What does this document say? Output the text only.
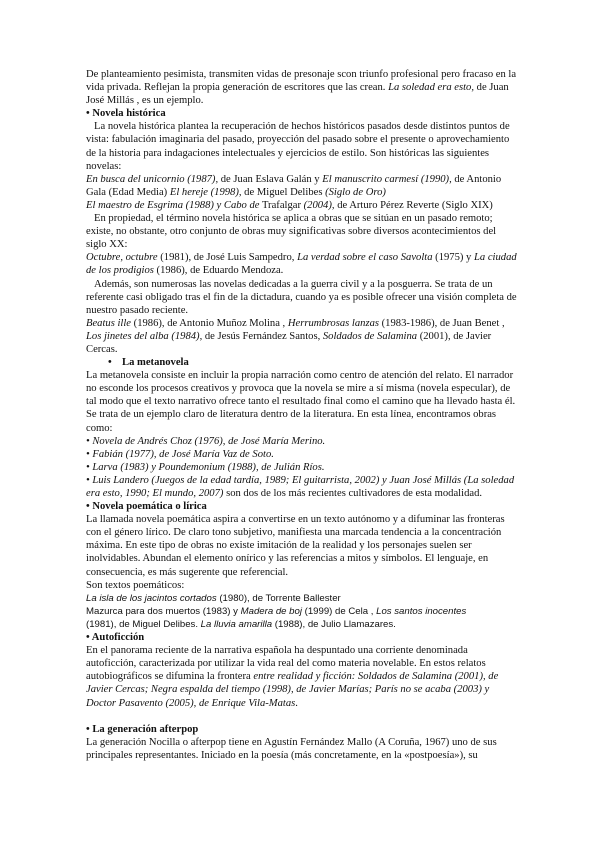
De planteamiento pesimista, transmiten vidas de presonaje scon triunfo profesional pero fracaso en la vida privada. Reflejan la propia generación de escritores que las crean. La soledad era esto, de Juan José Millás , es un ejemplo.

• Novela histórica

La novela histórica plantea la recuperación de hechos históricos pasados desde distintos puntos de vista: fabulación imaginaria del pasado, proyección del pasado sobre el presente o aprovechamiento de la historia para indagaciones intelectuales y ejercicios de estilo. Son históricas las siguientes novelas:

En busca del unicornio (1987), de Juan Eslava Galán y El manuscrito carmesí (1990), de Antonio Gala (Edad Media) El hereje (1998), de Miguel Delibes (Siglo de Oro)

El maestro de Esgrima (1988) y Cabo de Trafalgar (2004), de Arturo Pérez Reverte (Siglo XIX)

En propiedad, el término novela histórica se aplica a obras que se sitúan en un pasado remoto; existe, no obstante, otro conjunto de obras muy significativas sobre diversos acontecimientos del siglo XX:

Octubre, octubre (1981), de José Luis Sampedro, La verdad sobre el caso Savolta (1975) y La ciudad de los prodigios (1986), de Eduardo Mendoza.

Además, son numerosas las novelas dedicadas a la guerra civil y a la posguerra. Se trata de un referente casi obligado tras el fin de la dictadura, cuando ya es posible ofrecer una visión completa de nuestro pasado reciente.

Beatus ille (1986), de Antonio Muñoz Molina , Herrumbrosas lanzas (1983-1986), de Juan Benet , Los jinetes del alba (1984), de Jesús Fernández Santos, Soldados de Salamina (2001), de Javier Cercas.

• La metanovela

La metanovela consiste en incluir la propia narración como centro de atención del relato. El narrador no esconde los procesos creativos y provoca que la novela se mire a sí misma (novela especular), de tal modo que el texto narrativo ofrece tanto el resultado final como el camino que ha llevado hasta él. Se trata de un ejemplo claro de literatura dentro de la literatura. En esta línea, encontramos obras como:

• Novela de Andrés Choz (1976), de José María Merino.

• Fabián (1977), de José María Vaz de Soto.

• Larva (1983) y Poundemonium (1988), de Julián Ríos.

• Luis Landero (Juegos de la edad tardía, 1989; El guitarrista, 2002) y Juan José Millás (La soledad era esto, 1990; El mundo, 2007) son dos de los más recientes cultivadores de esta modalidad.

• Novela poemática o lírica

La llamada novela poemática aspira a convertirse en un texto autónomo y a difuminar las fronteras con el género lírico. De claro tono subjetivo, manifiesta una marcada tendencia a la concentración máxima. En este tipo de obras no existe imitación de la realidad y los personajes suelen ser inolvidables. Abundan el elemento onírico y las referencias a mitos y símbolos. El lenguaje, en consecuencia, es más sugerente que referencial.

Son textos poemáticos:

La isla de los jacintos cortados (1980), de Torrente Ballester
Mazurca para dos muertos (1983) y Madera de boj (1999) de Cela , Los santos inocentes
(1981), de Miguel Delibes. La lluvia amarilla (1988), de Julio Llamazares.

• Autoficción

En el panorama reciente de la narrativa española ha despuntado una corriente denominada autoficción, caracterizada por utilizar la vida real del como materia novelable. En estos relatos autobiográficos se difumina la frontera entre realidad y ficción: Soldados de Salamina (2001), de Javier Cercas; Negra espalda del tiempo (1998), de Javier Marías; París no se acaba (2003) y Doctor Pasavento (2005), de Enrique Vila-Matas.

• La generación afterpop

La generación Nocilla o afterpop tiene en Agustín Fernández Mallo (A Coruña, 1967) uno de sus principales representantes. Iniciado en la poesía (más concretamente, en la «postpoesía»), su
